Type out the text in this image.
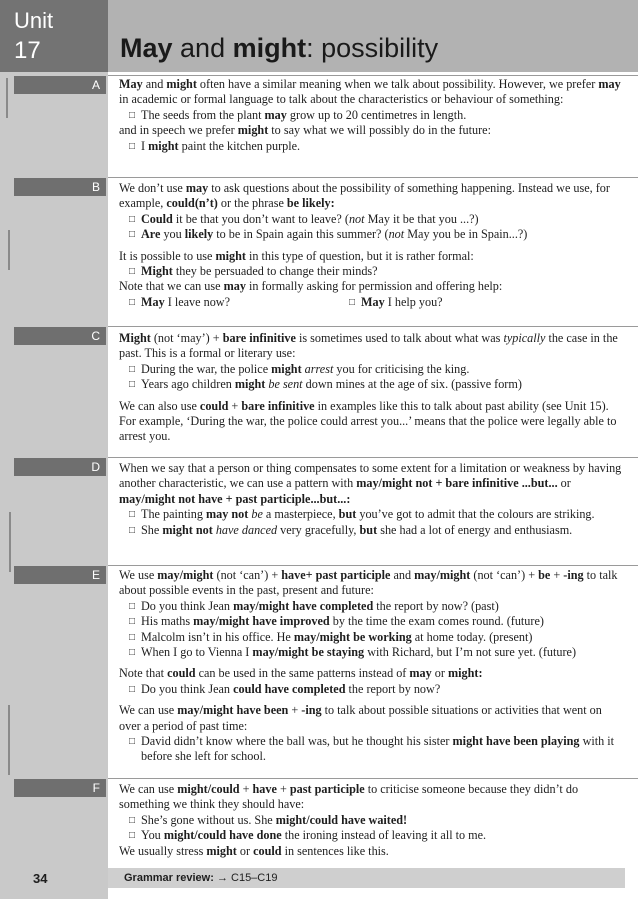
Unit
17	May and might: possibility
A	May and might often have a similar meaning when we talk about possibility. However, we prefer may in academic or formal language to talk about the characteristics or behaviour of something:

□ The seeds from the plant may grow up to 20 centimetres in length.

and in speech we prefer might to say what we will possibly do in the future:

□ I might paint the kitchen purple.

B	We don’t use may to ask questions about the possibility of something happening. Instead we use, for example, could(n’t) or the phrase be likely:

□ Could it be that you don’t want to leave? (not May it be that you ...?)

□ Are you likely to be in Spain again this summer? (not May you be in Spain...?)

It is possible to use might in this type of question, but it is rather formal:

□ Might they be persuaded to change their minds?

Note that we can use may in formally asking for permission and offering help:

□ May I leave now?
□	May I help you?
C	Might (not ‘may’) + bare infinitive is sometimes used to talk about what was typically the case in the past. This is a formal or literary use:

□ During the war, the police might arrest you for criticising the king.

□ Years ago children might be sent down mines at the age of six. (passive form)

We can also use could + bare infinitive in examples like this to talk about past ability (see Unit 15). For example, ‘During the war, the police could arrest you...’ means that the police were legally able to arrest you.

D	When we say that a person or thing compensates to some extent for a limitation or weakness by having another characteristic, we can use a pattern with may/might not + bare infinitive ...but... or may/might not have + past participle...but...:

□ The painting may not be a masterpiece, but you’ve got to admit that the colours are striking.

□ She might not have danced very gracefully, but she had a lot of energy and enthusiasm.

E	We use may/might (not ‘can’) + have+ past participle and may/might (not ‘can’) + be + -ing to talk about possible events in the past, present and future:

□ Do you think Jean may/might have completed the report by now? (past)

□ His maths may/might have improved by the time the exam comes round. (future)

□ Malcolm isn’t in his office. He may/might be working at home today. (present)

□ When I go to Vienna I may/might be staying with Richard, but I’m not sure yet. (future)

Note that could can be used in the same patterns instead of may or might:

□ Do you think Jean could have completed the report by now?

We can use may/might have been + -ing to talk about possible situations or activities that went on over a period of past time:

□ David didn’t know where the ball was, but he thought his sister might have been playing with it before she left for school.

F	We can use might/could + have + past participle to criticise someone because they didn’t do something we think they should have:

□ She’s gone without us. She might/could have waited!

□ You might/could have done the ironing instead of leaving it all to me.

We usually stress might or could in sentences like this.

34	Grammar review: → C15–C19
